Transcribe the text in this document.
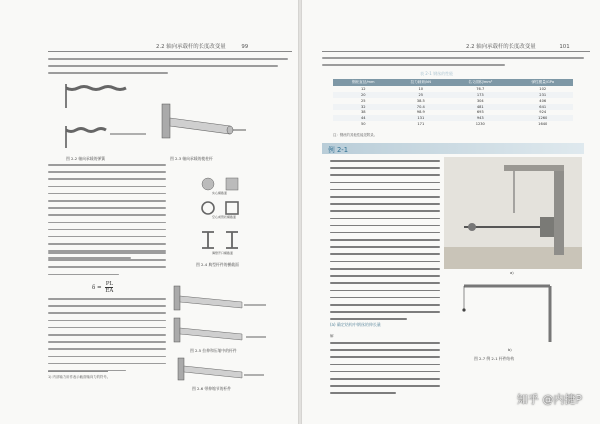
2.2 轴向承载杆的长度改变量	99
图 2-2 轴向承载的弹簧	图 2-3 轴向承载的棱柱杆
实心横截面
空心或管状横截面
薄壁开口横截面
图 2-4 典型杆件的横截面
$\delta = \frac{PL}{EA}$
图 2-5 拉伸和压缩中的杆件
图 2-6 带伸缩节的杆件
1) 内部轴力用作表示截面轴向力的符号。
2.2 轴向承载杆的长度改变量	101
表 2-1 钢丝的性能
钢丝直径/mm	拉力载荷/kN	名义面积/mm²	弹性模量/GPa
12	10	76.7	102
20	25	173	231
25	38.5	304	406
32	70.4	481	641
38	98.9	693	924
44	131	943	1260
50	171	1230	1640
注：钢丝的其他性能见附录。
例 2-1
a)
(a) 确定结构中钢丝的伸长量
解
b)
图 2-7 例 2-1 杆件结构
知乎 @内捷P
